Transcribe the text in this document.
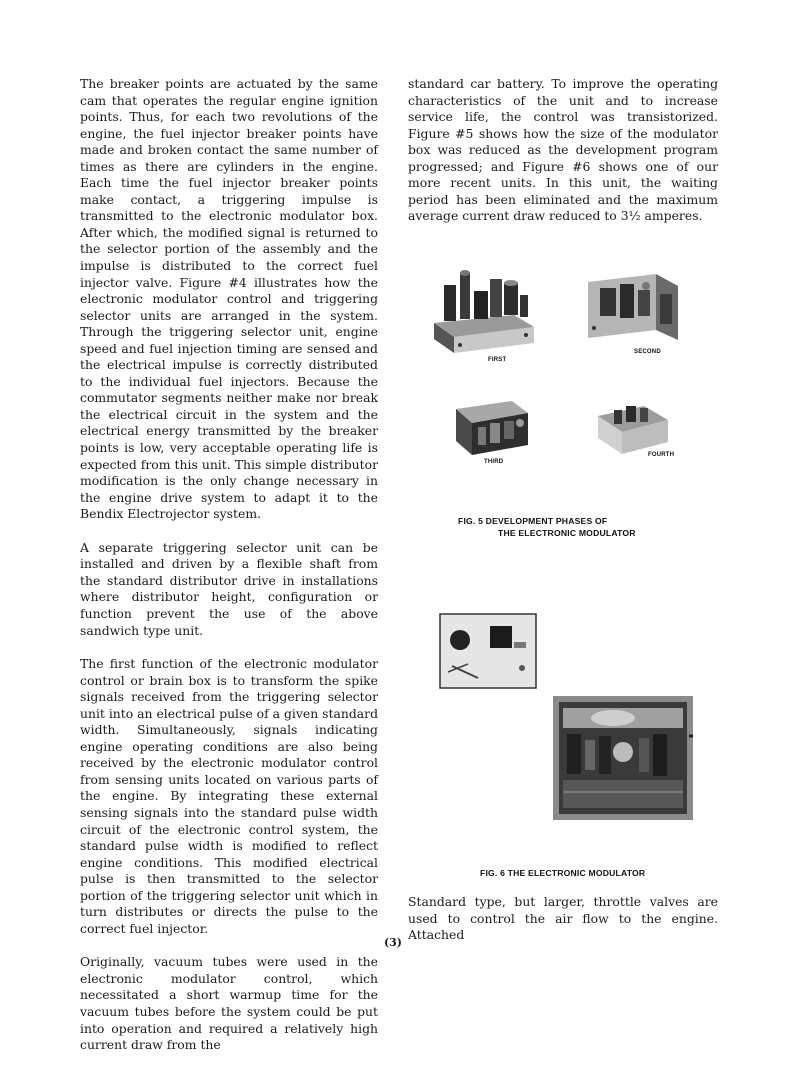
The breaker points are actuated by the same cam that operates the regular engine ignition points. Thus, for each two revolutions of the engine, the fuel injector breaker points have made and broken contact the same number of times as there are cylinders in the engine. Each time the fuel injector breaker points make contact, a triggering impulse is transmitted to the electronic modulator box. After which, the modified signal is returned to the selector portion of the assembly and the impulse is distributed to the correct fuel injector valve. Figure #4 illustrates how the electronic modulator control and triggering selector units are arranged in the system. Through the triggering selector unit, engine speed and fuel injection timing are sensed and the electrical impulse is correctly distributed to the individual fuel injectors. Because the commutator segments neither make nor break the electrical circuit in the system and the electrical energy transmitted by the breaker points is low, very acceptable operating life is expected from this unit. This simple distributor modification is the only change necessary in the engine drive system to adapt it to the Bendix Electrojector system.

A separate triggering selector unit can be installed and driven by a flexible shaft from the standard distributor drive in installations where distributor height, configuration or function prevent the use of the above sandwich type unit.

The first function of the electronic modulator control or brain box is to transform the spike signals received from the triggering selector unit into an electrical pulse of a given standard width. Simultaneously, signals indicating engine operating conditions are also being received by the electronic modulator control from sensing units located on various parts of the engine. By integrating these external sensing signals into the standard pulse width circuit of the electronic control system, the standard pulse width is modified to reflect engine conditions. This modified electrical pulse is then transmitted to the selector portion of the triggering selector unit which in turn distributes or directs the pulse to the correct fuel injector.

Originally, vacuum tubes were used in the electronic modulator control, which necessitated a short warmup time for the vacuum tubes before the system could be put into operation and required a relatively high current draw from the

standard car battery. To improve the operating characteristics of the unit and to increase service life, the control was transistorized. Figure #5 shows how the size of the modulator box was reduced as the development program progressed; and Figure #6 shows one of our more recent units. In this unit, the waiting period has been eliminated and the maximum average current draw reduced to 3½ amperes.

Standard type, but larger, throttle valves are used to control the air flow to the engine. Attached

FIRST
SECOND
THIRD
FOURTH
FIG. 5 DEVELOPMENT PHASES OF
THE ELECTRONIC MODULATOR
FIG. 6 THE ELECTRONIC MODULATOR
(3)
